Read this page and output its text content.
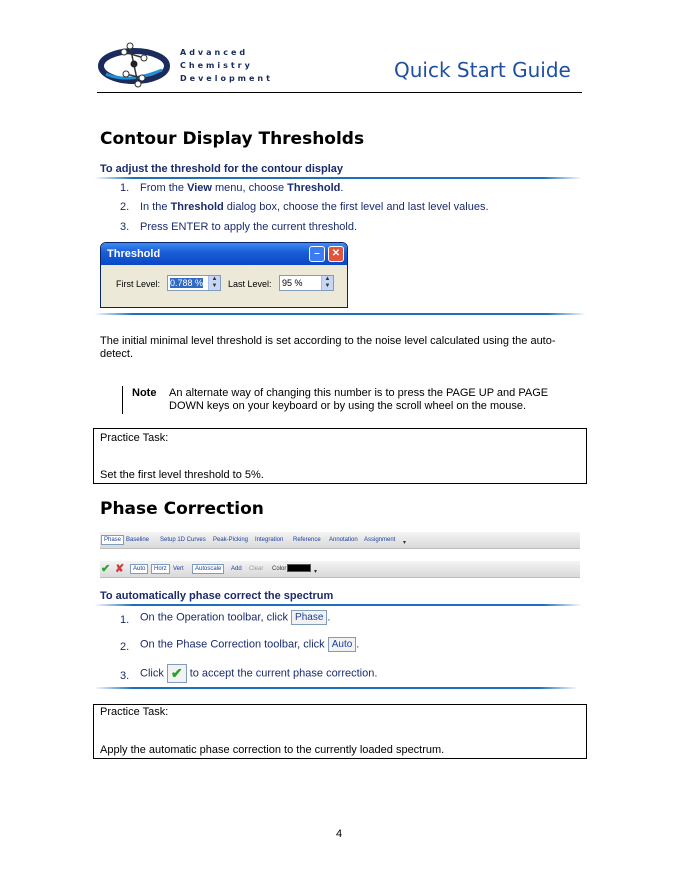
Advanced
Chemistry
Development	Quick Start Guide
Contour Display Thresholds
To adjust the threshold for the contour display
1. From the View menu, choose Threshold.
2. In the Threshold dialog box, choose the first level and last level values.
3. Press ENTER to apply the current threshold.
Threshold	–	✕
First Level:	0.788 %	▲
▼ Last Level:	95 %	▲
▼
The initial minimal level threshold is set according to the noise level calculated using the auto-detect.
Note An alternate way of changing this number is to press the PAGE UP and PAGE DOWN keys on your keyboard or by using the scroll wheel on the mouse.
Practice Task:
Set the first level threshold to 5%.
Phase Correction
Phase Baseline Setup 1D Curves Peak-Picking Integration Reference Annotation Assignment ▾
✔ ✘	Auto	Horz	Vert	Autoscale	Add Clear Color	▾
To automatically phase correct the spectrum
1. On the Operation toolbar, click Phase .
2. On the Phase Correction toolbar, click Auto .
3. Click ✔ to accept the current phase correction.
Practice Task:
Apply the automatic phase correction to the currently loaded spectrum.
4
